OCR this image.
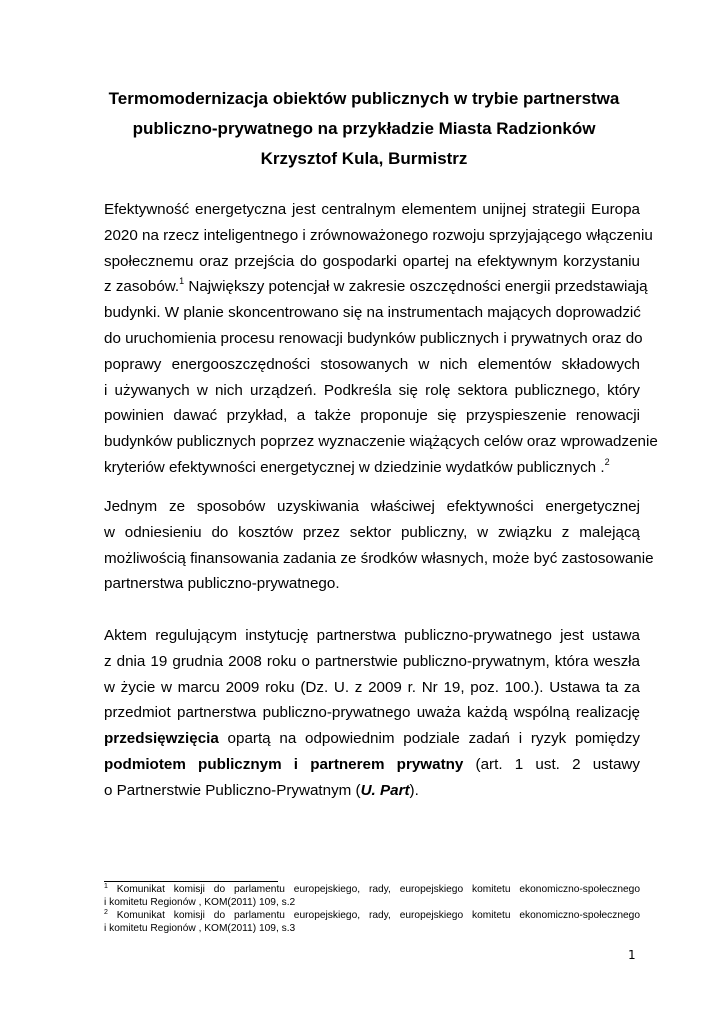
Termomodernizacja obiektów publicznych w trybie partnerstwa
publiczno-prywatnego na przykładzie Miasta Radzionków
Krzysztof Kula, Burmistrz
Efektywność energetyczna jest centralnym elementem unijnej strategii Europa
2020 na rzecz inteligentnego i zrównoważonego rozwoju sprzyjającego włączeniu
społecznemu oraz przejścia do gospodarki opartej na efektywnym korzystaniu
z zasobów.$^1$ Największy potencjał w zakresie oszczędności energii przedstawiają
budynki. W planie skoncentrowano się na instrumentach mających doprowadzić
do uruchomienia procesu renowacji budynków publicznych i prywatnych oraz do
poprawy energooszczędności stosowanych w nich elementów składowych
i używanych w nich urządzeń. Podkreśla się rolę sektora publicznego, który
powinien dawać przykład, a także proponuje się przyspieszenie renowacji
budynków publicznych poprzez wyznaczenie wiążących celów oraz wprowadzenie
kryteriów efektywności energetycznej w dziedzinie wydatków publicznych .$^2$
Jednym ze sposobów uzyskiwania właściwej efektywności energetycznej
w odniesieniu do kosztów przez sektor publiczny, w związku z malejącą
możliwością finansowania zadania ze środków własnych, może być zastosowanie
partnerstwa publiczno-prywatnego.
Aktem regulującym instytucję partnerstwa publiczno-prywatnego jest ustawa
z dnia 19 grudnia 2008 roku o partnerstwie publiczno-prywatnym, która weszła
w życie w marcu 2009 roku (Dz. U. z 2009 r. Nr 19, poz. 100.). Ustawa ta za
przedmiot partnerstwa publiczno-prywatnego uważa każdą wspólną realizację
przedsięwzięcia opartą na odpowiednim podziale zadań i ryzyk pomiędzy
podmiotem publicznym i partnerem prywatny (art. 1 ust. 2 ustawy
o Partnerstwie Publiczno-Prywatnym (U. Part).
$^1$ Komunikat komisji do parlamentu europejskiego, rady, europejskiego komitetu ekonomiczno-społecznego
i komitetu Regionów , KOM(2011) 109, s.2
$^2$ Komunikat komisji do parlamentu europejskiego, rady, europejskiego komitetu ekonomiczno-społecznego
i komitetu Regionów , KOM(2011) 109, s.3
1
